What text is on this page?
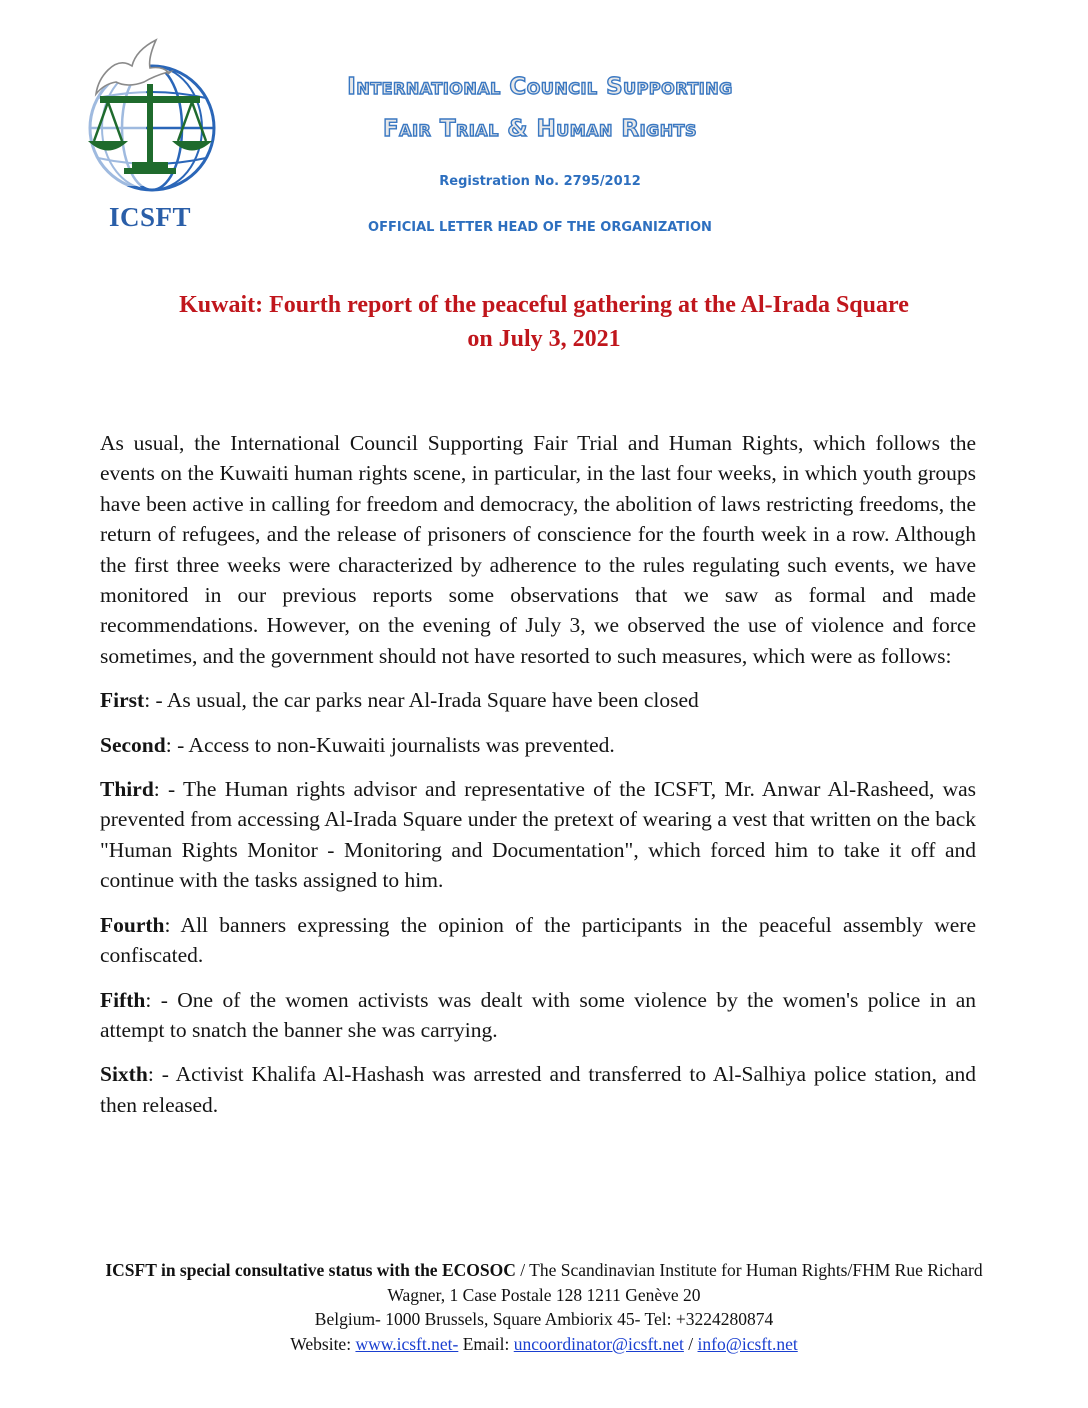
ICSFT
International Council Supporting
Fair Trial & Human Rights
Registration No. 2795/2012
OFFICIAL LETTER HEAD OF THE ORGANIZATION
Kuwait: Fourth report of the peaceful gathering at the Al-Irada Square
on July 3, 2021

As usual, the International Council Supporting Fair Trial and Human Rights, which follows the events on the Kuwaiti human rights scene, in particular, in the last four weeks, in which youth groups have been active in calling for freedom and democracy, the abolition of laws restricting freedoms, the return of refugees, and the release of prisoners of conscience for the fourth week in a row. Although the first three weeks were characterized by adherence to the rules regulating such events, we have monitored in our previous reports some observations that we saw as formal and made recommendations. However, on the evening of July 3, we observed the use of violence and force sometimes, and the government should not have resorted to such measures, which were as follows:

First: - As usual, the car parks near Al-Irada Square have been closed

Second: - Access to non-Kuwaiti journalists was prevented.

Third: - The Human rights advisor and representative of the ICSFT, Mr. Anwar Al-Rasheed, was prevented from accessing Al-Irada Square under the pretext of wearing a vest that written on the back "Human Rights Monitor - Monitoring and Documentation", which forced him to take it off and continue with the tasks assigned to him.

Fourth: All banners expressing the opinion of the participants in the peaceful assembly were confiscated.

Fifth: - One of the women activists was dealt with some violence by the women's police in an attempt to snatch the banner she was carrying.

Sixth: - Activist Khalifa Al-Hashash was arrested and transferred to Al-Salhiya police station, and then released.

ICSFT in special consultative status with the ECOSOC / The Scandinavian Institute for Human Rights/FHM Rue Richard Wagner, 1 Case Postale 128 1211 Genève 20
Belgium- 1000 Brussels, Square Ambiorix 45- Tel: +3224280874
Website: www.icsft.net- Email: uncoordinator@icsft.net / info@icsft.net
